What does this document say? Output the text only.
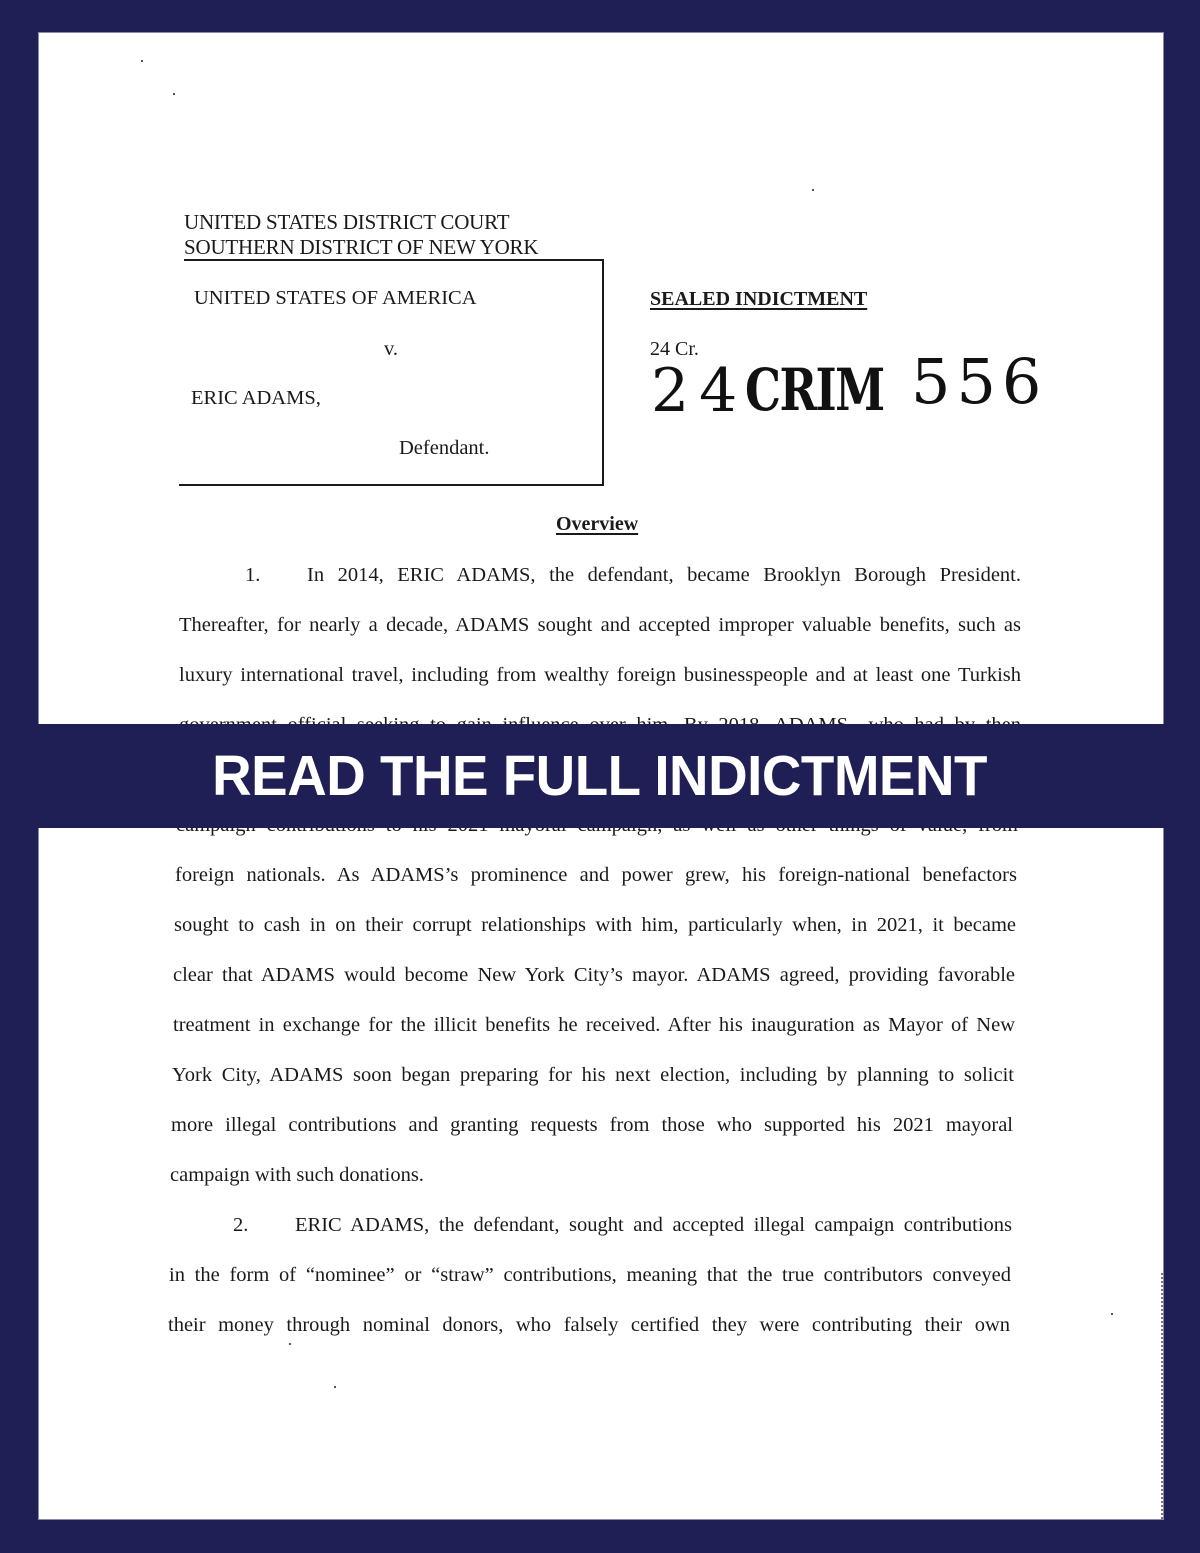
UNITED STATES DISTRICT COURT
SOUTHERN DISTRICT OF NEW YORK
UNITED STATES OF AMERICA
v.
ERIC ADAMS,
Defendant.
SEALED INDICTMENT
24 Cr.
24
CRIM 556
Overview
1. In 2014, ERIC ADAMS, the defendant, became Brooklyn Borough President.
Thereafter, for nearly a decade, ADAMS sought and accepted improper valuable benefits, such as
luxury international travel, including from wealthy foreign businesspeople and at least one Turkish
foreign nationals. As ADAMS’s prominence and power grew, his foreign-national benefactors
sought to cash in on their corrupt relationships with him, particularly when, in 2021, it became
clear that ADAMS would become New York City’s mayor. ADAMS agreed, providing favorable
treatment in exchange for the illicit benefits he received. After his inauguration as Mayor of New
York City, ADAMS soon began preparing for his next election, including by planning to solicit
more illegal contributions and granting requests from those who supported his 2021 mayoral
campaign with such donations.
2. ERIC ADAMS, the defendant, sought and accepted illegal campaign contributions
in the form of “nominee” or “straw” contributions, meaning that the true contributors conveyed
their money through nominal donors, who falsely certified they were contributing their own
READ THE FULL INDICTMENT
